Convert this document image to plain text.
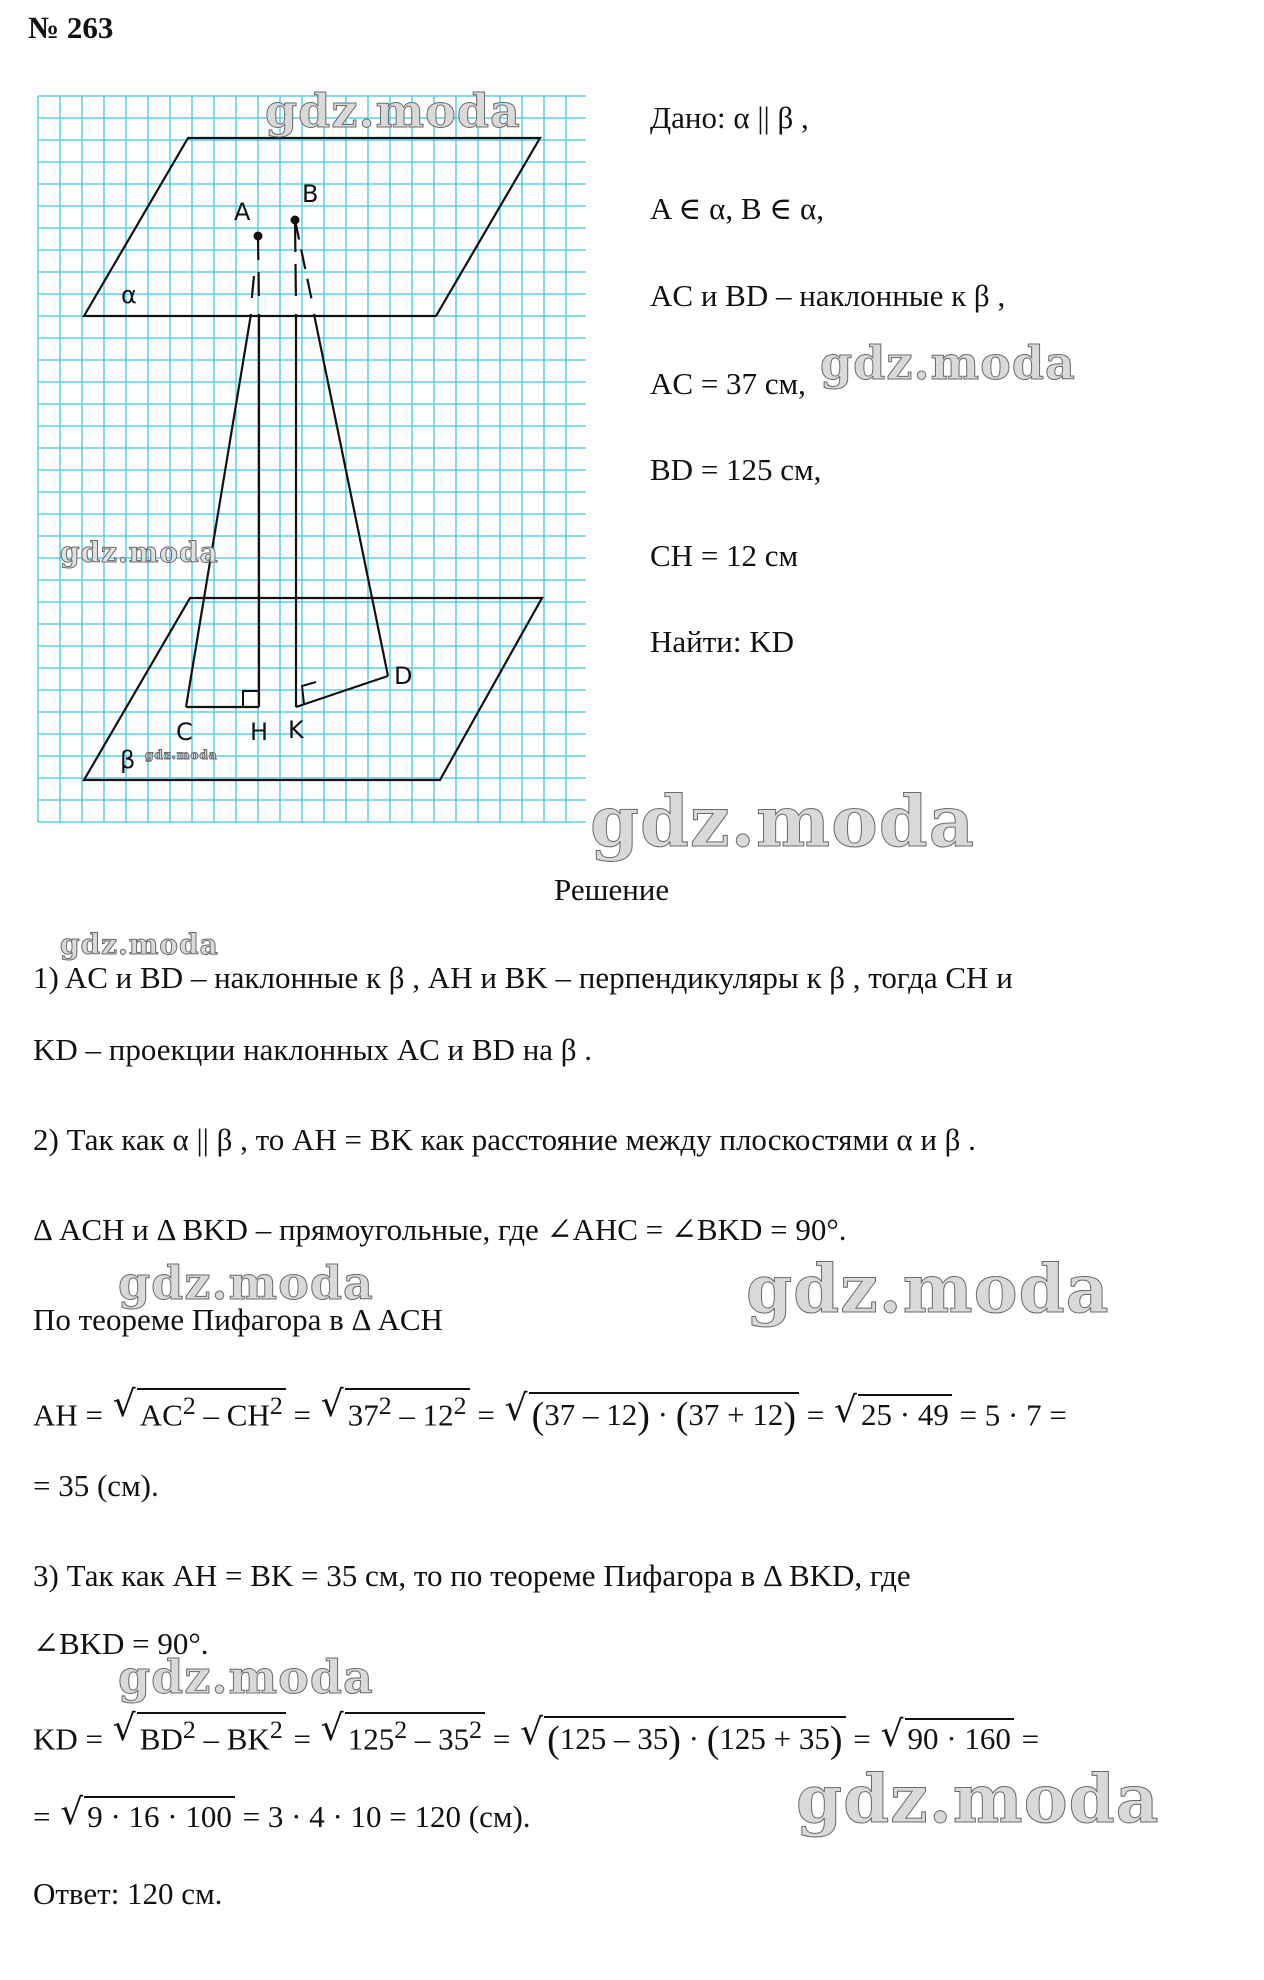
№ 263
A
B
α
C H K
D
β
Дано: α || β ,
A ∈ α, B ∈ α,
AC и BD – наклонные к β ,
AC = 37 см,
BD = 125 см,
CH = 12 см
Найти: KD
Решение
1) AC и BD – наклонные к β , AH и BK – перпендикуляры к β , тогда CH и
KD – проекции наклонных AC и BD на β .
2) Так как α || β , то AH = BK как расстояние между плоскостями α и β .
Δ ACH и Δ BKD – прямоугольные, где ∠AHC = ∠BKD = 90°.
По теореме Пифагора в Δ ACH
AH = √ $AC^2 - CH^2$ = √ $37^2 - 12^2$ = √ (37 – 12) · (37 + 12) = √ 25 · 49 = 5 · 7 =
= 35 (см).
3) Так как AH = BK = 35 см, то по теореме Пифагора в Δ BKD, где
∠BKD = 90°.
KD = √ $BD^2 - BK^2$ = √ $125^2 - 35^2$ = √ (125 – 35) · (125 + 35) = √ 90 · 160 =
= √ 9 · 16 · 100 = 3 · 4 · 10 = 120 (см).
Ответ: 120 см.
gdz.moda
gdz.moda
gdz.moda
gdz.moda
gdz.moda
gdz.moda
gdz.moda	gdz.moda
gdz.moda
gdz.moda
